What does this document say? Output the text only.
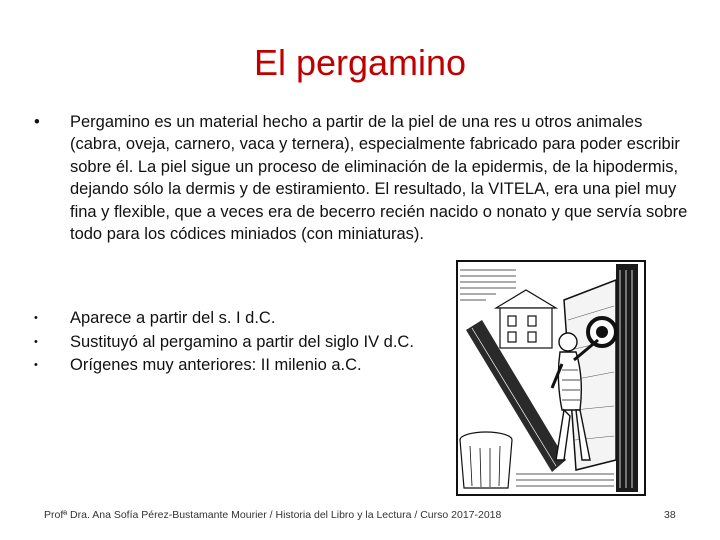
El pergamino
• Pergamino es un material hecho a partir de la piel de una res u otros animales (cabra, oveja, carnero, vaca y ternera), especialmente fabricado para poder escribir sobre él. La piel sigue un proceso de eliminación de la epidermis, de la hipodermis, dejando sólo la dermis y de estiramiento. El resultado, la VITELA, era una piel muy fina y flexible, que a veces era de becerro recién nacido o nonato y que servía sobre todo para los códices miniados (con miniaturas).
• Aparece a partir del s. I d.C.
• Sustituyó al pergamino a partir del siglo IV d.C.
• Orígenes muy anteriores: II milenio a.C.
Profª Dra. Ana Sofía Pérez-Bustamante Mourier / Historia del Libro y la Lectura / Curso 2017-2018	38
